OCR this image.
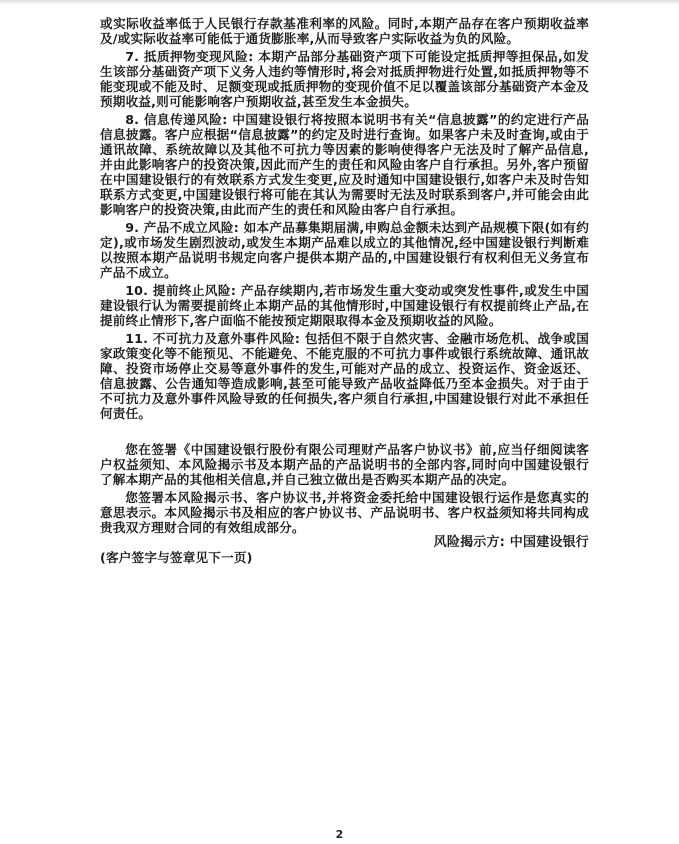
或实际收益率低于人民银行存款基准利率的风险。同时,本期产品存在客户预期收益率及/或实际收益率可能低于通货膨胀率,从而导致客户实际收益为负的风险。

7. 抵质押物变现风险: 本期产品部分基础资产项下可能设定抵质押等担保品,如发生该部分基础资产项下义务人违约等情形时,将会对抵质押物进行处置,如抵质押物等不能变现或不能及时、足额变现或抵质押物的变现价值不足以覆盖该部分基础资产本金及预期收益,则可能影响客户预期收益,甚至发生本金损失。

8. 信息传递风险: 中国建设银行将按照本说明书有关“信息披露”的约定进行产品信息披露。客户应根据“信息披露”的约定及时进行查询。如果客户未及时查询,或由于通讯故障、系统故障以及其他不可抗力等因素的影响使得客户无法及时了解产品信息,并由此影响客户的投资决策,因此而产生的责任和风险由客户自行承担。另外,客户预留在中国建设银行的有效联系方式发生变更,应及时通知中国建设银行,如客户未及时告知联系方式变更,中国建设银行将可能在其认为需要时无法及时联系到客户,并可能会由此影响客户的投资决策,由此而产生的责任和风险由客户自行承担。

9. 产品不成立风险: 如本产品募集期届满,申购总金额未达到产品规模下限(如有约定),或市场发生剧烈波动,或发生本期产品难以成立的其他情况,经中国建设银行判断难以按照本期产品说明书规定向客户提供本期产品的,中国建设银行有权利但无义务宣布产品不成立。

10. 提前终止风险: 产品存续期内,若市场发生重大变动或突发性事件,或发生中国建设银行认为需要提前终止本期产品的其他情形时,中国建设银行有权提前终止产品,在提前终止情形下,客户面临不能按预定期限取得本金及预期收益的风险。

11. 不可抗力及意外事件风险: 包括但不限于自然灾害、金融市场危机、战争或国家政策变化等不能预见、不能避免、不能克服的不可抗力事件或银行系统故障、通讯故障、投资市场停止交易等意外事件的发生,可能对产品的成立、投资运作、资金返还、信息披露、公告通知等造成影响,甚至可能导致产品收益降低乃至本金损失。对于由于不可抗力及意外事件风险导致的任何损失,客户须自行承担,中国建设银行对此不承担任何责任。

您在签署《中国建设银行股份有限公司理财产品客户协议书》前,应当仔细阅读客户权益须知、本风险揭示书及本期产品的产品说明书的全部内容,同时向中国建设银行了解本期产品的其他相关信息,并自己独立做出是否购买本期产品的决定。

您签署本风险揭示书、客户协议书,并将资金委托给中国建设银行运作是您真实的意思表示。本风险揭示书及相应的客户协议书、产品说明书、客户权益须知将共同构成贵我双方理财合同的有效组成部分。

风险揭示方: 中国建设银行

(客户签字与签章见下一页)

2
